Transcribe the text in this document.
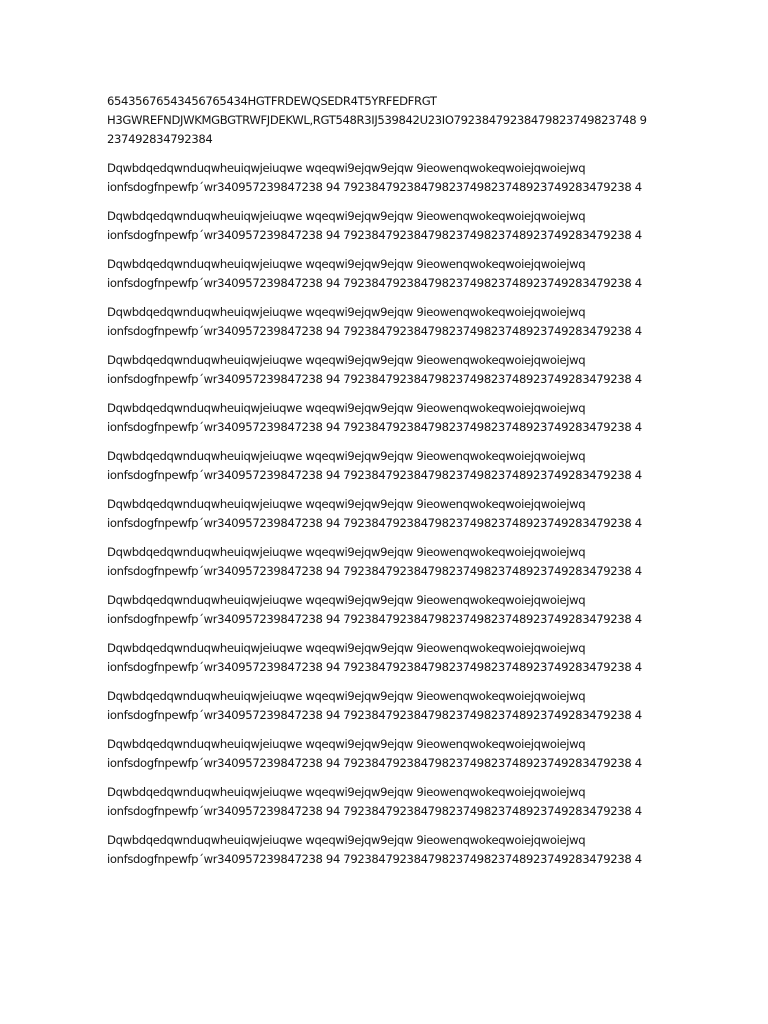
65435676543456765434HGTFRDEWQSEDR4T5YRFEDFRGT

H3GWREFNDJWKMGBGTRWFJDEKWL,RGT548R3IJ539842U23IO79238479238479823749823748 9

237492834792384

Dqwbdqedqwnduqwheuiqwjeiuqwe wqeqwi9ejqw9ejqw 9ieowenqwokeqwoiejqwoiejwq

ionfsdogfnpewfp´wr340957239847238 94 79238479238479823749823748923749283479238 4

Dqwbdqedqwnduqwheuiqwjeiuqwe wqeqwi9ejqw9ejqw 9ieowenqwokeqwoiejqwoiejwq

ionfsdogfnpewfp´wr340957239847238 94 79238479238479823749823748923749283479238 4

Dqwbdqedqwnduqwheuiqwjeiuqwe wqeqwi9ejqw9ejqw 9ieowenqwokeqwoiejqwoiejwq

ionfsdogfnpewfp´wr340957239847238 94 79238479238479823749823748923749283479238 4

Dqwbdqedqwnduqwheuiqwjeiuqwe wqeqwi9ejqw9ejqw 9ieowenqwokeqwoiejqwoiejwq

ionfsdogfnpewfp´wr340957239847238 94 79238479238479823749823748923749283479238 4

Dqwbdqedqwnduqwheuiqwjeiuqwe wqeqwi9ejqw9ejqw 9ieowenqwokeqwoiejqwoiejwq

ionfsdogfnpewfp´wr340957239847238 94 79238479238479823749823748923749283479238 4

Dqwbdqedqwnduqwheuiqwjeiuqwe wqeqwi9ejqw9ejqw 9ieowenqwokeqwoiejqwoiejwq

ionfsdogfnpewfp´wr340957239847238 94 79238479238479823749823748923749283479238 4

Dqwbdqedqwnduqwheuiqwjeiuqwe wqeqwi9ejqw9ejqw 9ieowenqwokeqwoiejqwoiejwq

ionfsdogfnpewfp´wr340957239847238 94 79238479238479823749823748923749283479238 4

Dqwbdqedqwnduqwheuiqwjeiuqwe wqeqwi9ejqw9ejqw 9ieowenqwokeqwoiejqwoiejwq

ionfsdogfnpewfp´wr340957239847238 94 79238479238479823749823748923749283479238 4

Dqwbdqedqwnduqwheuiqwjeiuqwe wqeqwi9ejqw9ejqw 9ieowenqwokeqwoiejqwoiejwq

ionfsdogfnpewfp´wr340957239847238 94 79238479238479823749823748923749283479238 4

Dqwbdqedqwnduqwheuiqwjeiuqwe wqeqwi9ejqw9ejqw 9ieowenqwokeqwoiejqwoiejwq

ionfsdogfnpewfp´wr340957239847238 94 79238479238479823749823748923749283479238 4

Dqwbdqedqwnduqwheuiqwjeiuqwe wqeqwi9ejqw9ejqw 9ieowenqwokeqwoiejqwoiejwq

ionfsdogfnpewfp´wr340957239847238 94 79238479238479823749823748923749283479238 4

Dqwbdqedqwnduqwheuiqwjeiuqwe wqeqwi9ejqw9ejqw 9ieowenqwokeqwoiejqwoiejwq

ionfsdogfnpewfp´wr340957239847238 94 79238479238479823749823748923749283479238 4

Dqwbdqedqwnduqwheuiqwjeiuqwe wqeqwi9ejqw9ejqw 9ieowenqwokeqwoiejqwoiejwq

ionfsdogfnpewfp´wr340957239847238 94 79238479238479823749823748923749283479238 4

Dqwbdqedqwnduqwheuiqwjeiuqwe wqeqwi9ejqw9ejqw 9ieowenqwokeqwoiejqwoiejwq

ionfsdogfnpewfp´wr340957239847238 94 79238479238479823749823748923749283479238 4

Dqwbdqedqwnduqwheuiqwjeiuqwe wqeqwi9ejqw9ejqw 9ieowenqwokeqwoiejqwoiejwq

ionfsdogfnpewfp´wr340957239847238 94 79238479238479823749823748923749283479238 4
